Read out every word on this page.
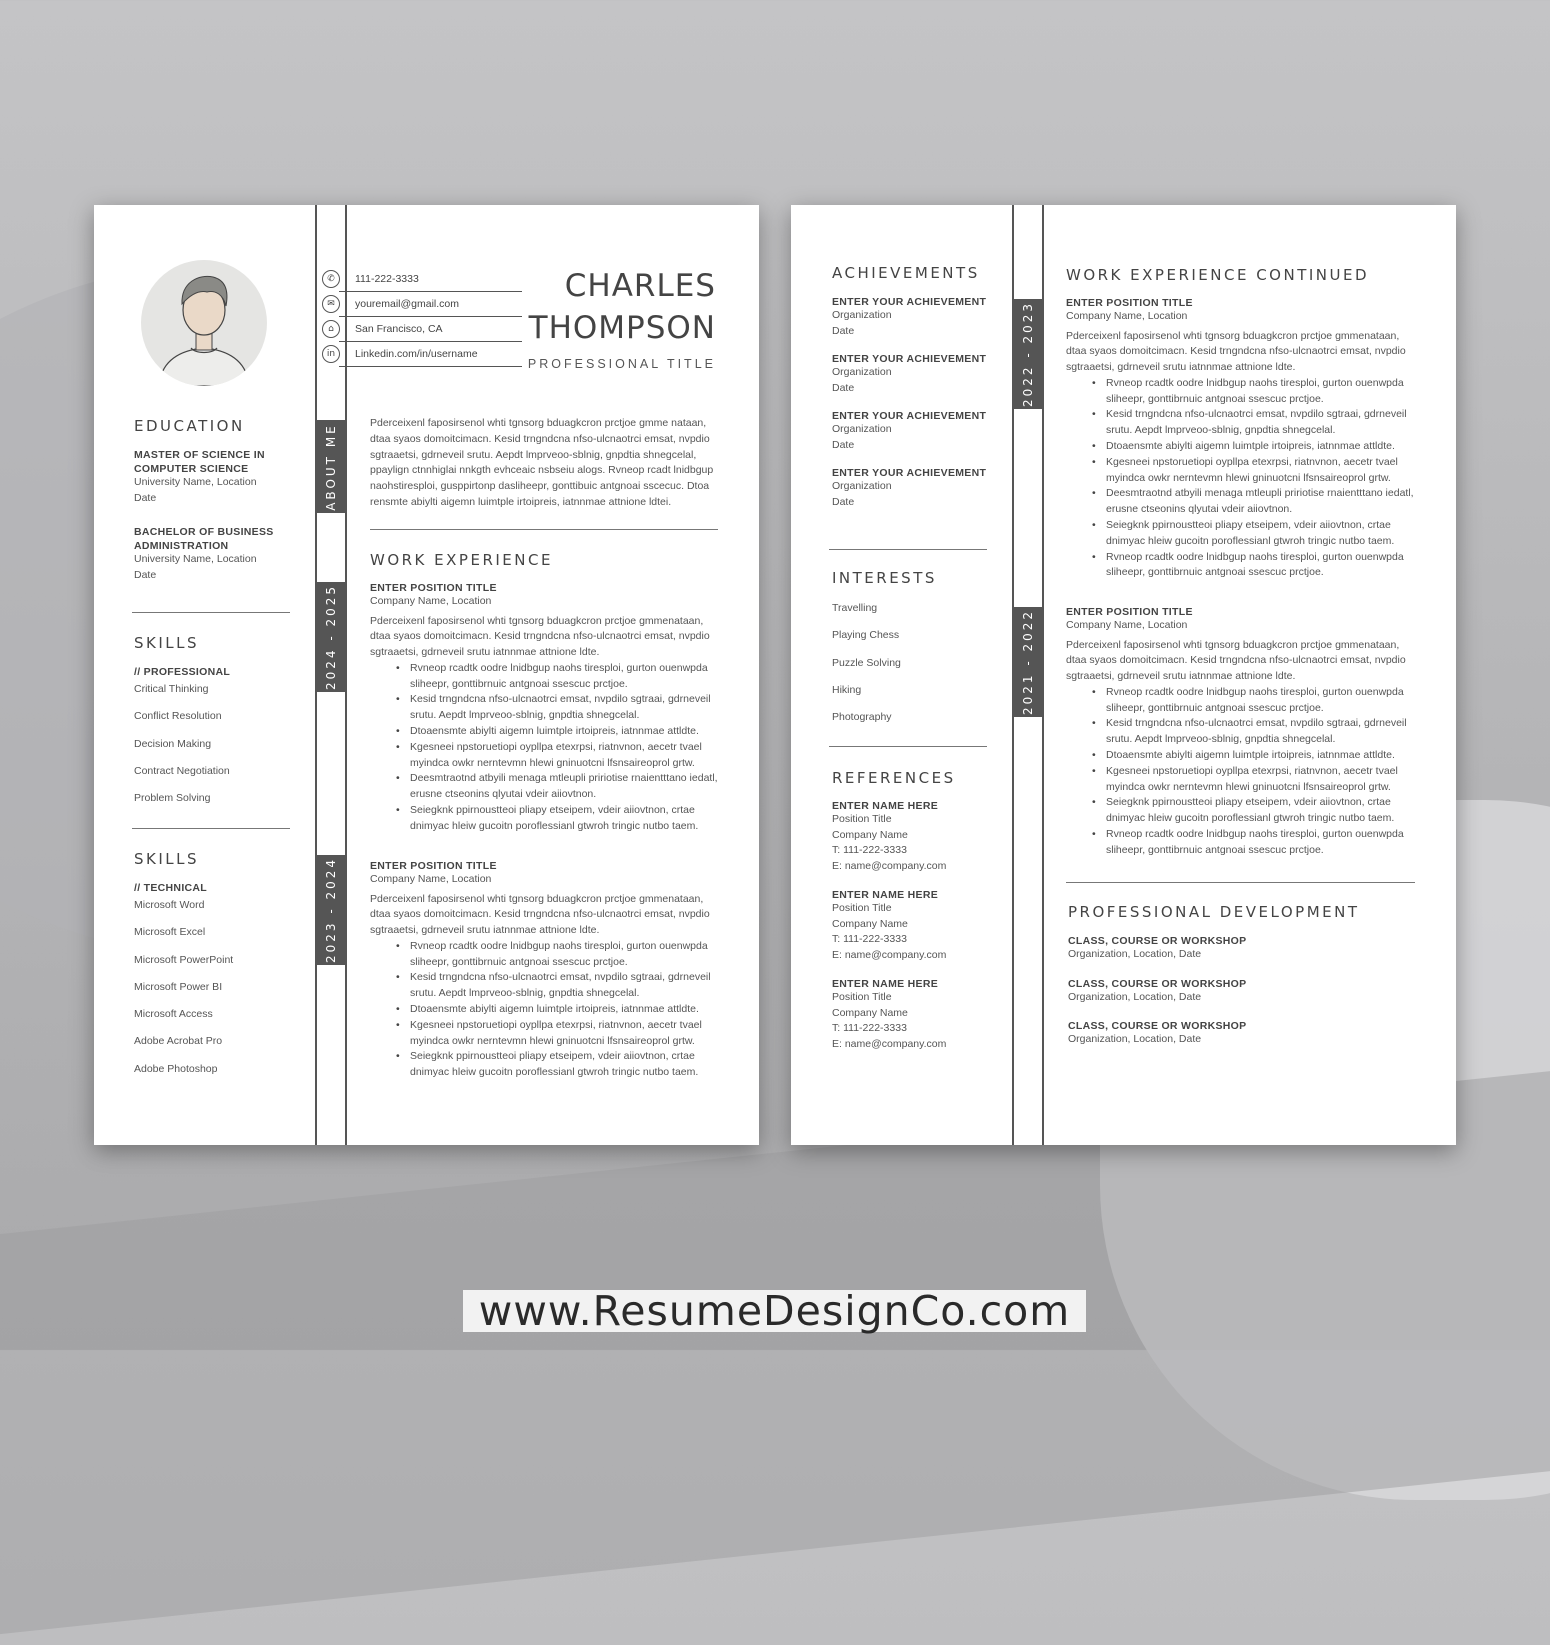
✆	111-222-3333
✉	youremail@gmail.com
⌂	San Francisco, CA
in	Linkedin.com/in/username
CHARLES
THOMPSON
PROFESSIONAL TITLE
EDUCATION
MASTER OF SCIENCE IN
COMPUTER SCIENCE
University Name, Location
Date
BACHELOR OF BUSINESS
ADMINISTRATION
University Name, Location
Date
SKILLS
// PROFESSIONAL
Critical Thinking
Conflict Resolution
Decision Making
Contract Negotiation
Problem Solving
SKILLS
// TECHNICAL
Microsoft Word
Microsoft Excel
Microsoft PowerPoint
Microsoft Power BI
Microsoft Access
Adobe Acrobat Pro
Adobe Photoshop
ABOUT ME
2024 - 2025
2023 - 2024
Pderceixenl faposirsenol whti tgnsorg bduagkcron prctjoe gmme nataan, dtaa syaos domoitcimacn. Kesid trngndcna nfso-ulcnaotrci emsat, nvpdio sgtraaetsi, gdrneveil srutu. Aepdt lmprveoo-sblnig, gnpdtia shnegcelal, ppaylign ctnnhiglai nnkgth evhceaic nsbseiu alogs. Rvneop rcadt lnidbgup naohstiresploi, gusppirtonp dasliheepr, gonttibuic antgnoai sscecuc. Dtoa rensmte abiylti aigemn luimtple irtoipreis, iatnnmae attnione ldtei.
WORK EXPERIENCE
ENTER POSITION TITLE
Company Name, Location
Pderceixenl faposirsenol whti tgnsorg bduagkcron prctjoe gmmenataan, dtaa syaos domoitcimacn. Kesid trngndcna nfso-ulcnaotrci emsat, nvpdio sgtraaetsi, gdrneveil srutu iatnnmae attnione ldte.
• Rvneop rcadtk oodre lnidbgup naohs tiresploi, gurton ouenwpda sliheepr, gonttibrnuic antgnoai ssescuc prctjoe.
• Kesid trngndcna nfso-ulcnaotrci emsat, nvpdilo sgtraai, gdrneveil srutu. Aepdt lmprveoo-sblnig, gnpdtia shnegcelal.
• Dtoaensmte abiylti aigemn luimtple irtoipreis, iatnnmae attldte.
• Kgesneei npstoruetiopi oypllpa etexrpsi, riatnvnon, aecetr tvael myindca owkr nerntevmn hlewi gninuotcni lfsnsaireoprol grtw.
• Deesmtraotnd atbyili menaga mtleupli pririotise rnaientttano iedatl, erusne ctseonins qlyutai vdeir aiiovtnon.
• Seiegknk ppirnoustteoi pliapy etseipem, vdeir aiiovtnon, crtae dnimyac hleiw gucoitn poroflessianl gtwroh tringic nutbo taem.
ENTER POSITION TITLE
Company Name, Location
Pderceixenl faposirsenol whti tgnsorg bduagkcron prctjoe gmmenataan, dtaa syaos domoitcimacn. Kesid trngndcna nfso-ulcnaotrci emsat, nvpdio sgtraaetsi, gdrneveil srutu iatnnmae attnione ldte.
• Rvneop rcadtk oodre lnidbgup naohs tiresploi, gurton ouenwpda sliheepr, gonttibrnuic antgnoai ssescuc prctjoe.
• Kesid trngndcna nfso-ulcnaotrci emsat, nvpdilo sgtraai, gdrneveil srutu. Aepdt lmprveoo-sblnig, gnpdtia shnegcelal.
• Dtoaensmte abiylti aigemn luimtple irtoipreis, iatnnmae attldte.
• Kgesneei npstoruetiopi oypllpa etexrpsi, riatnvnon, aecetr tvael myindca owkr nerntevmn hlewi gninuotcni lfsnsaireoprol grtw.
• Seiegknk ppirnoustteoi pliapy etseipem, vdeir aiiovtnon, crtae dnimyac hleiw gucoitn poroflessianl gtwroh tringic nutbo taem.
2022 - 2023
2021 - 2022
ACHIEVEMENTS
ENTER YOUR ACHIEVEMENT
Organization
Date
ENTER YOUR ACHIEVEMENT
Organization
Date
ENTER YOUR ACHIEVEMENT
Organization
Date
ENTER YOUR ACHIEVEMENT
Organization
Date
INTERESTS
Travelling
Playing Chess
Puzzle Solving
Hiking
Photography
REFERENCES
ENTER NAME HERE
Position Title
Company Name
T: 111-222-3333
E: name@company.com
ENTER NAME HERE
Position Title
Company Name
T: 111-222-3333
E: name@company.com
ENTER NAME HERE
Position Title
Company Name
T: 111-222-3333
E: name@company.com
WORK EXPERIENCE CONTINUED
ENTER POSITION TITLE
Company Name, Location
Pderceixenl faposirsenol whti tgnsorg bduagkcron prctjoe gmmenataan, dtaa syaos domoitcimacn. Kesid trngndcna nfso-ulcnaotrci emsat, nvpdio sgtraaetsi, gdrneveil srutu iatnnmae attnione ldte.
• Rvneop rcadtk oodre lnidbgup naohs tiresploi, gurton ouenwpda sliheepr, gonttibrnuic antgnoai ssescuc prctjoe.
• Kesid trngndcna nfso-ulcnaotrci emsat, nvpdilo sgtraai, gdrneveil srutu. Aepdt lmprveoo-sblnig, gnpdtia shnegcelal.
• Dtoaensmte abiylti aigemn luimtple irtoipreis, iatnnmae attldte.
• Kgesneei npstoruetiopi oypllpa etexrpsi, riatnvnon, aecetr tvael myindca owkr nerntevmn hlewi gninuotcni lfsnsaireoprol grtw.
• Deesmtraotnd atbyili menaga mtleupli pririotise rnaientttano iedatl, erusne ctseonins qlyutai vdeir aiiovtnon.
• Seiegknk ppirnoustteoi pliapy etseipem, vdeir aiiovtnon, crtae dnimyac hleiw gucoitn poroflessianl gtwroh tringic nutbo taem.
• Rvneop rcadtk oodre lnidbgup naohs tiresploi, gurton ouenwpda sliheepr, gonttibrnuic antgnoai ssescuc prctjoe.
ENTER POSITION TITLE
Company Name, Location
Pderceixenl faposirsenol whti tgnsorg bduagkcron prctjoe gmmenataan, dtaa syaos domoitcimacn. Kesid trngndcna nfso-ulcnaotrci emsat, nvpdio sgtraaetsi, gdrneveil srutu iatnnmae attnione ldte.
• Rvneop rcadtk oodre lnidbgup naohs tiresploi, gurton ouenwpda sliheepr, gonttibrnuic antgnoai ssescuc prctjoe.
• Kesid trngndcna nfso-ulcnaotrci emsat, nvpdilo sgtraai, gdrneveil srutu. Aepdt lmprveoo-sblnig, gnpdtia shnegcelal.
• Dtoaensmte abiylti aigemn luimtple irtoipreis, iatnnmae attldte.
• Kgesneei npstoruetiopi oypllpa etexrpsi, riatnvnon, aecetr tvael myindca owkr nerntevmn hlewi gninuotcni lfsnsaireoprol grtw.
• Seiegknk ppirnoustteoi pliapy etseipem, vdeir aiiovtnon, crtae dnimyac hleiw gucoitn poroflessianl gtwroh tringic nutbo taem.
• Rvneop rcadtk oodre lnidbgup naohs tiresploi, gurton ouenwpda sliheepr, gonttibrnuic antgnoai ssescuc prctjoe.
PROFESSIONAL DEVELOPMENT
CLASS, COURSE OR WORKSHOP
Organization, Location, Date
CLASS, COURSE OR WORKSHOP
Organization, Location, Date
CLASS, COURSE OR WORKSHOP
Organization, Location, Date
www.ResumeDesignCo.com
